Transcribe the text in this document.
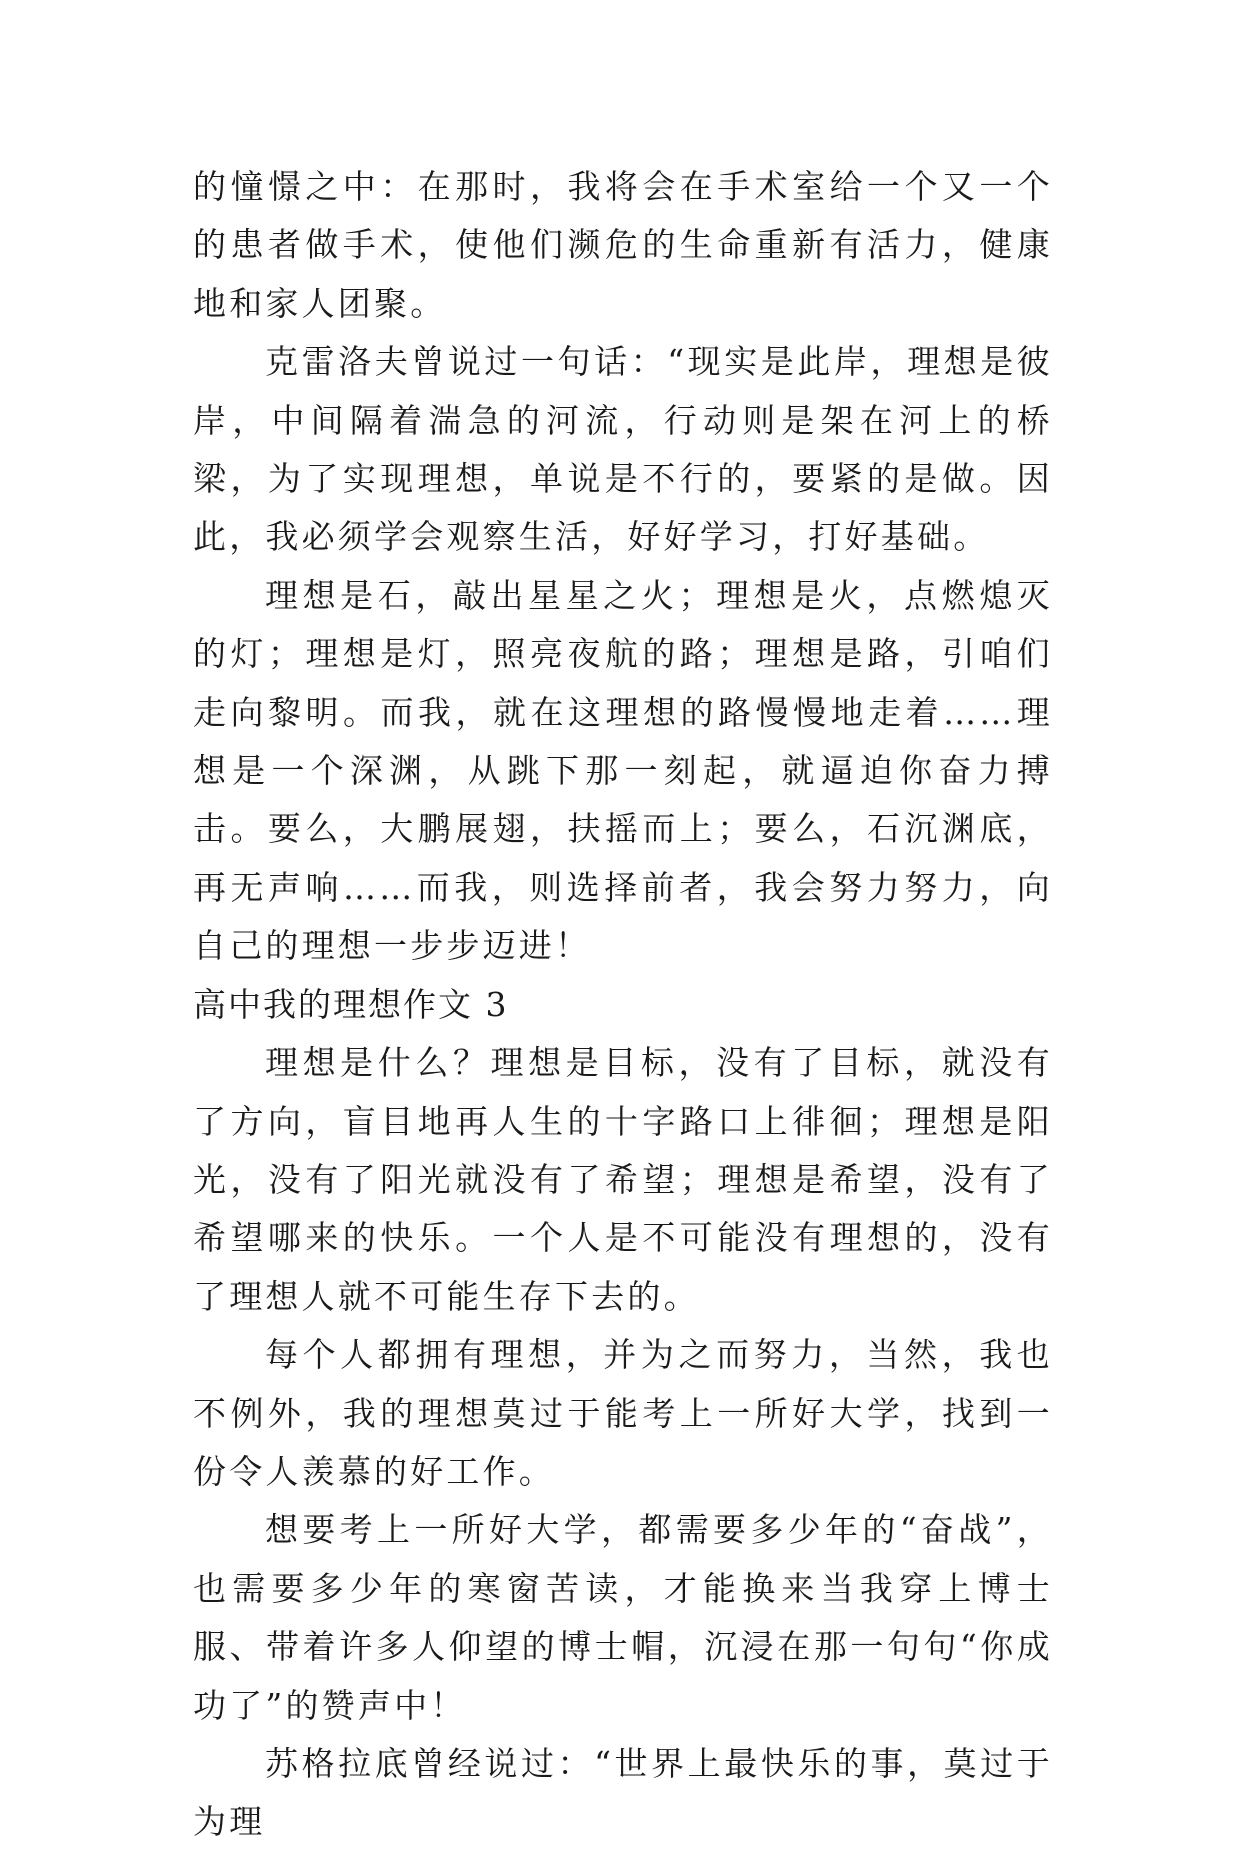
的憧憬之中：在那时，我将会在手术室给一个又一个的患者做手术，使他们濒危的生命重新有活力，健康地和家人团聚。

克雷洛夫曾说过一句话：“现实是此岸，理想是彼岸，中间隔着湍急的河流，行动则是架在河上的桥梁，为了实现理想，单说是不行的，要紧的是做。因此，我必须学会观察生活，好好学习，打好基础。

理想是石，敲出星星之火；理想是火，点燃熄灭的灯；理想是灯，照亮夜航的路；理想是路，引咱们走向黎明。而我，就在这理想的路慢慢地走着……理想是一个深渊，从跳下那一刻起，就逼迫你奋力搏击。要么，大鹏展翅，扶摇而上；要么，石沉渊底，再无声响……而我，则选择前者，我会努力努力，向自己的理想一步步迈进！

高中我的理想作文 3

理想是什么？理想是目标，没有了目标，就没有了方向，盲目地再人生的十字路口上徘徊；理想是阳光，没有了阳光就没有了希望；理想是希望，没有了希望哪来的快乐。一个人是不可能没有理想的，没有了理想人就不可能生存下去的。

每个人都拥有理想，并为之而努力，当然，我也不例外，我的理想莫过于能考上一所好大学，找到一份令人羡慕的好工作。

想要考上一所好大学，都需要多少年的“奋战”，也需要多少年的寒窗苦读，才能换来当我穿上博士服、带着许多人仰望的博士帽，沉浸在那一句句“你成功了”的赞声中！

苏格拉底曾经说过：“世界上最快乐的事，莫过于为理
